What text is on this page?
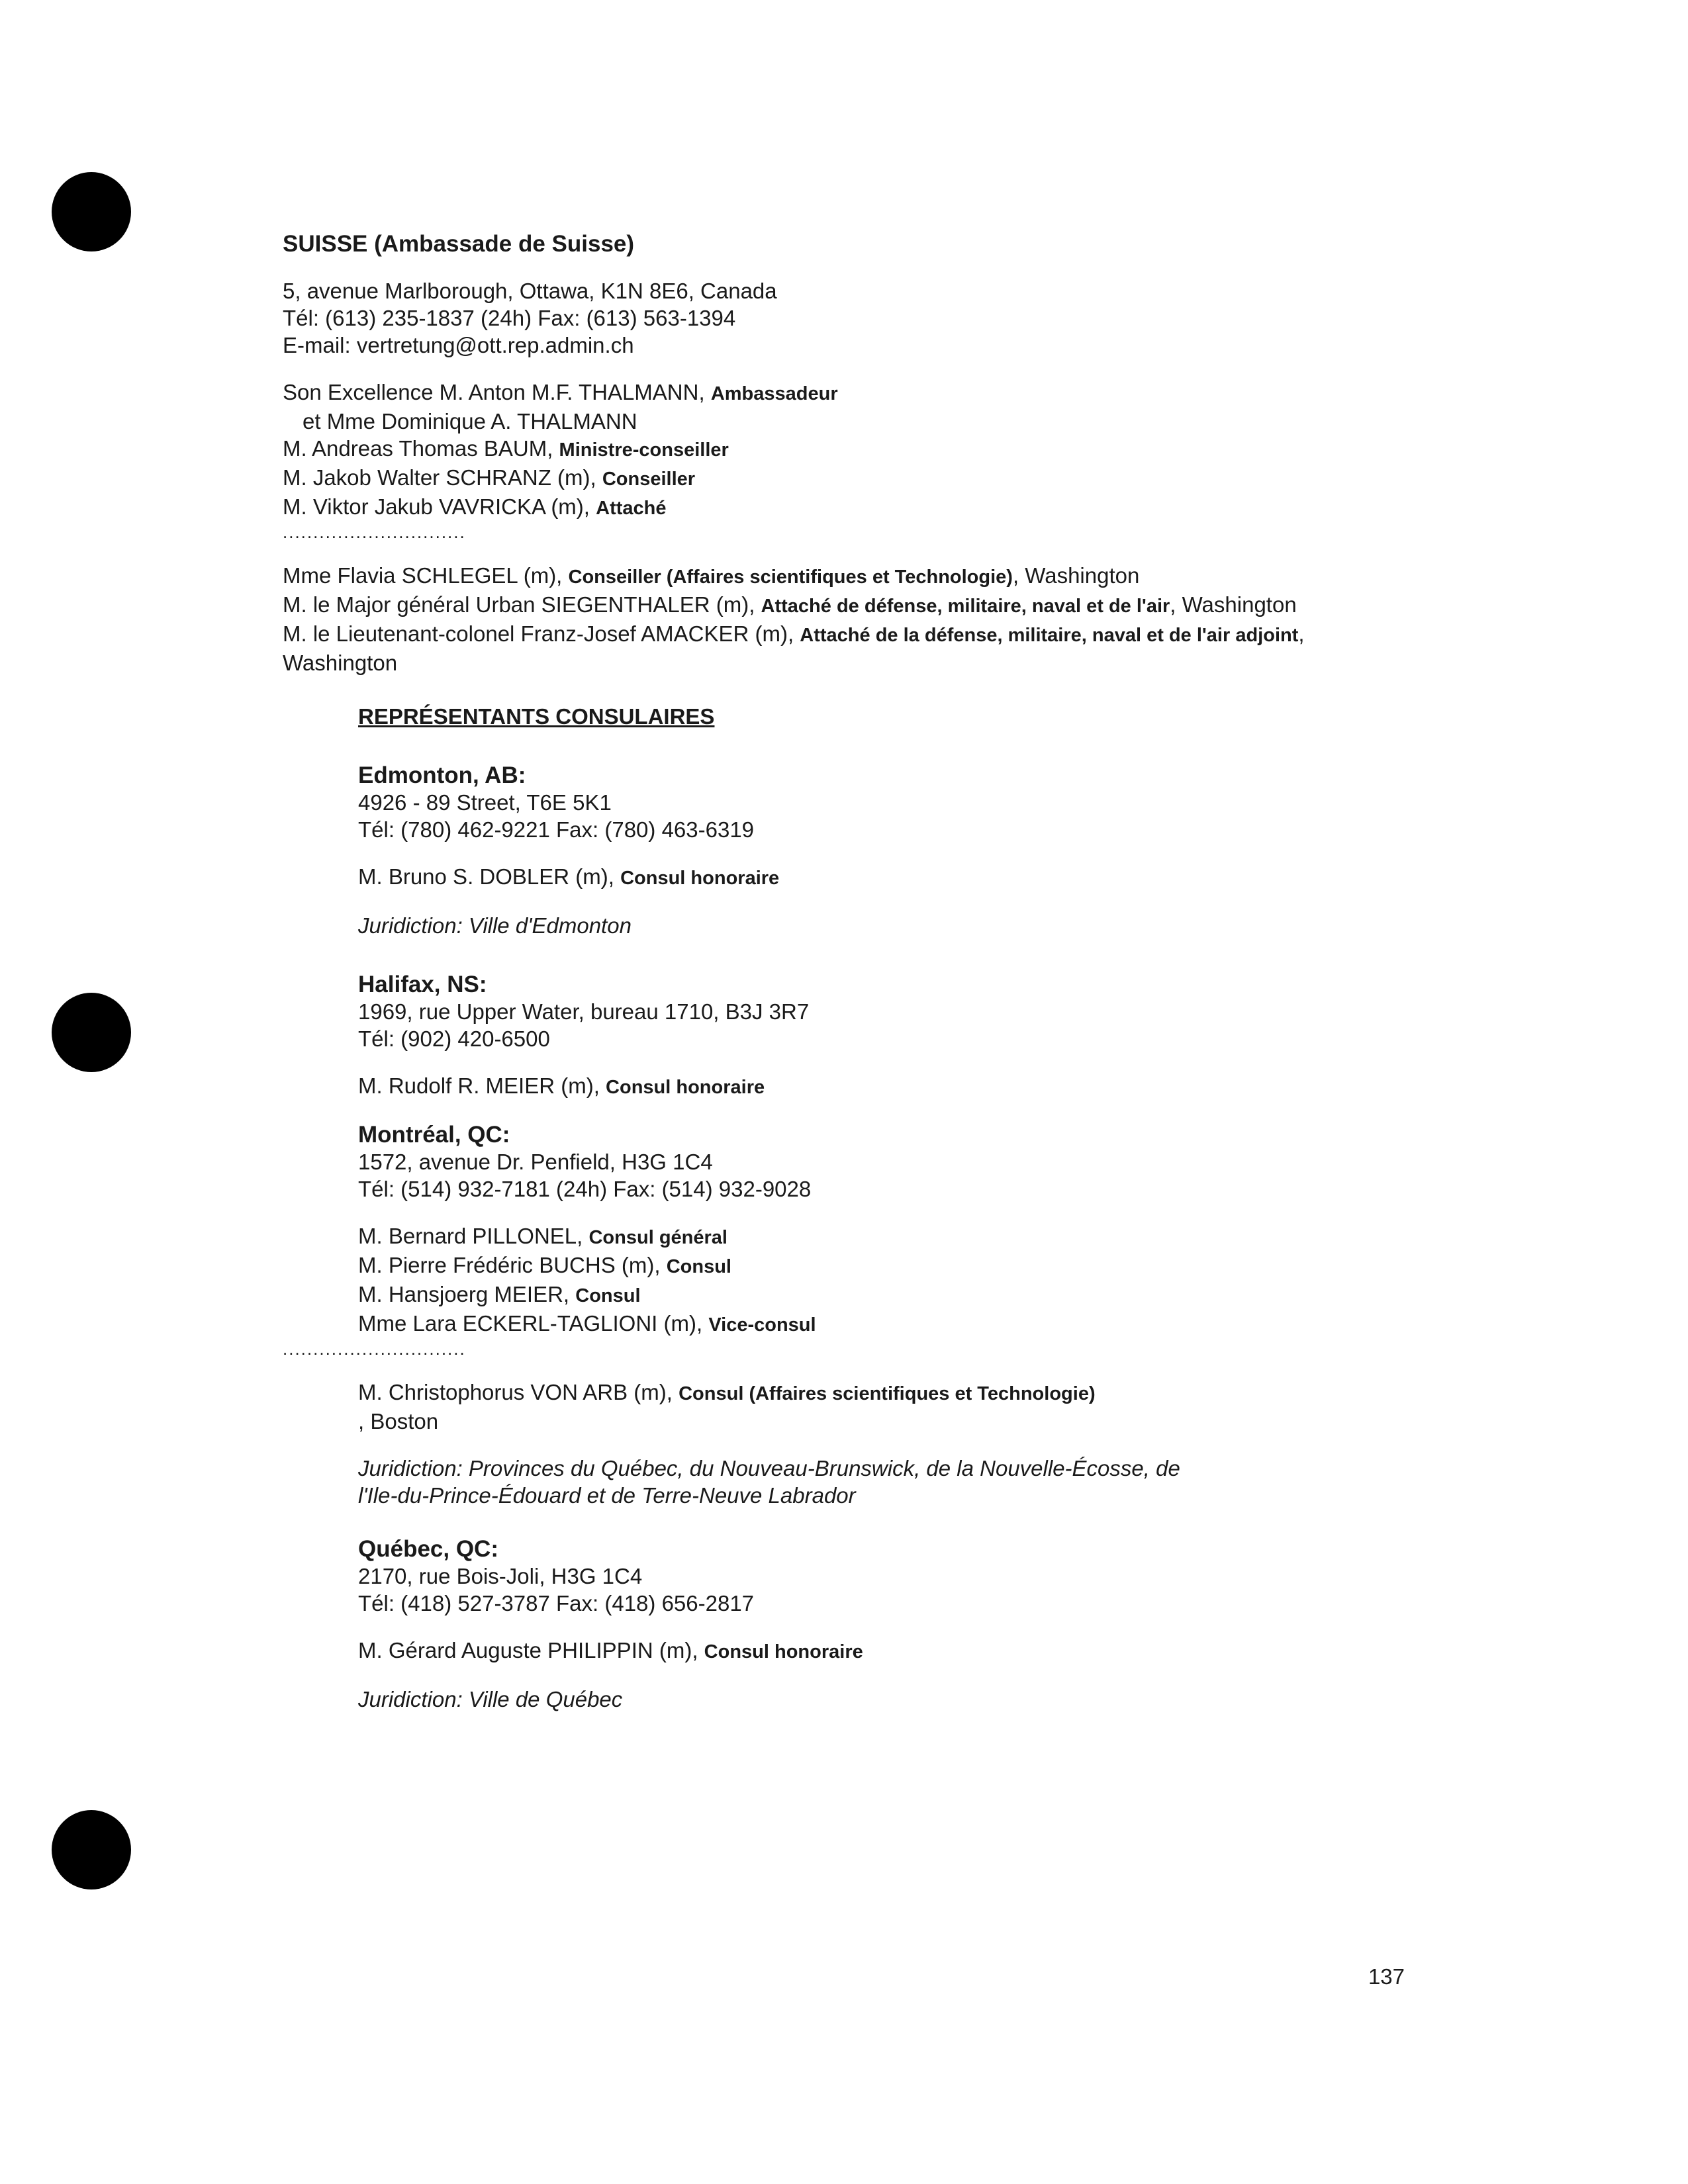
SUISSE (Ambassade de Suisse)

5, avenue Marlborough, Ottawa, K1N 8E6, Canada

Tél: (613) 235-1837 (24h) Fax: (613) 563-1394

E-mail: vertretung@ott.rep.admin.ch

Son Excellence M. Anton M.F. THALMANN, Ambassadeur

et Mme Dominique A. THALMANN

M. Andreas Thomas BAUM, Ministre-conseiller

M. Jakob Walter SCHRANZ (m), Conseiller

M. Viktor Jakub VAVRICKA (m), Attaché

..............................

Mme Flavia SCHLEGEL (m), Conseiller (Affaires scientifiques et Technologie), Washington

M. le Major général Urban SIEGENTHALER (m), Attaché de défense, militaire, naval et de l'air, Washington

M. le Lieutenant-colonel Franz-Josef AMACKER (m), Attaché de la défense, militaire, naval et de l'air adjoint,

Washington

REPRÉSENTANTS CONSULAIRES

Edmonton, AB:

4926 - 89 Street, T6E 5K1

Tél: (780) 462-9221 Fax: (780) 463-6319

M. Bruno S. DOBLER (m), Consul honoraire

Juridiction: Ville d'Edmonton

Halifax, NS:

1969, rue Upper Water, bureau 1710, B3J 3R7

Tél: (902) 420-6500

M. Rudolf R. MEIER (m), Consul honoraire

Montréal, QC:

1572, avenue Dr. Penfield, H3G 1C4

Tél: (514) 932-7181 (24h) Fax: (514) 932-9028

M. Bernard PILLONEL, Consul général

M. Pierre Frédéric BUCHS (m), Consul

M. Hansjoerg MEIER, Consul

Mme Lara ECKERL-TAGLIONI (m), Vice-consul

..............................

M. Christophorus VON ARB (m), Consul (Affaires scientifiques et Technologie)

, Boston

Juridiction: Provinces du Québec, du Nouveau-Brunswick, de la Nouvelle-Écosse, de

l'Ile-du-Prince-Édouard et de Terre-Neuve Labrador

Québec, QC:

2170, rue Bois-Joli, H3G 1C4

Tél: (418) 527-3787 Fax: (418) 656-2817

M. Gérard Auguste PHILIPPIN (m), Consul honoraire

Juridiction: Ville de Québec

137
